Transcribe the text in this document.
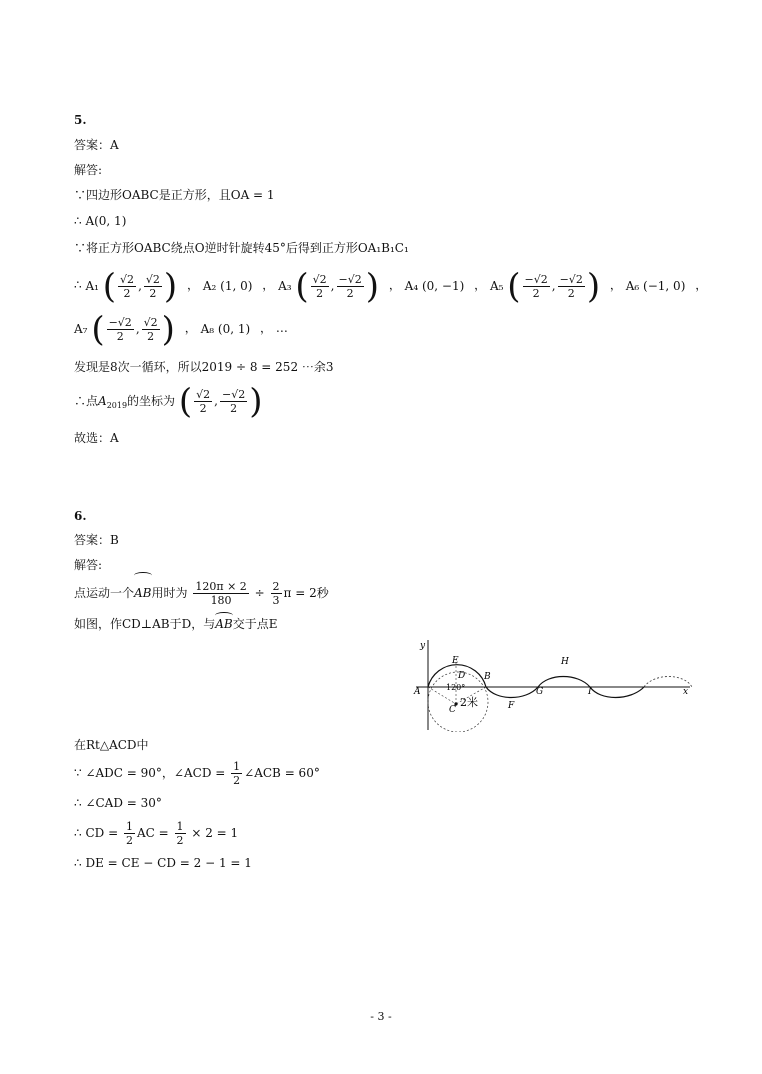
5.
答案：A
解答:
∵四边形OABC是正方形，且OA = 1
∴ A(0, 1)
∵将正方形OABC绕点O逆时针旋转45°后得到正方形OA₁B₁C₁
∴ A₁ ( $\frac{√2}{2}$ , $\frac{√2}{2}$ ) ， A₂ (1, 0) ， A₃ ( $\frac{√2}{2}$ , $\frac{-√2}{2}$ ) ， A₄ (0, −1) ， A₅ ( $\frac{-√2}{2}$ , $\frac{-√2}{2}$ ) ， A₆ (−1, 0) ，
A₇ ( $\frac{-√2}{2}$ , $\frac{√2}{2}$ ) ， A₈ (0, 1) ， …
发现是8次一循环，所以2019 ÷ 8 = 252 ⋯余3
∴点$A_{2019}$的坐标为 ( $\frac{√2}{2}$ , $\frac{-√2}{2}$ )
故选：A
6.
答案：B
解答:
点运动一个AB用时为 $\frac{120\pi \times 2}{180} \div \frac{2}{3}$ π = 2秒
如图，作CD⊥AB于D，与AB交于点E
y
x
A
B
E
D
C
120°
2米	F
G
H
I
在Rt△ACD中
∵ ∠ADC = 90°，∠ACD = $\frac{1}{2}$ ∠ACB = 60°
∴ ∠CAD = 30°
∴ CD = $\frac{1}{2}$ AC = $\frac{1}{2} \times 2 = 1$
∴ DE = CE − CD = 2 − 1 = 1
- 3 -
